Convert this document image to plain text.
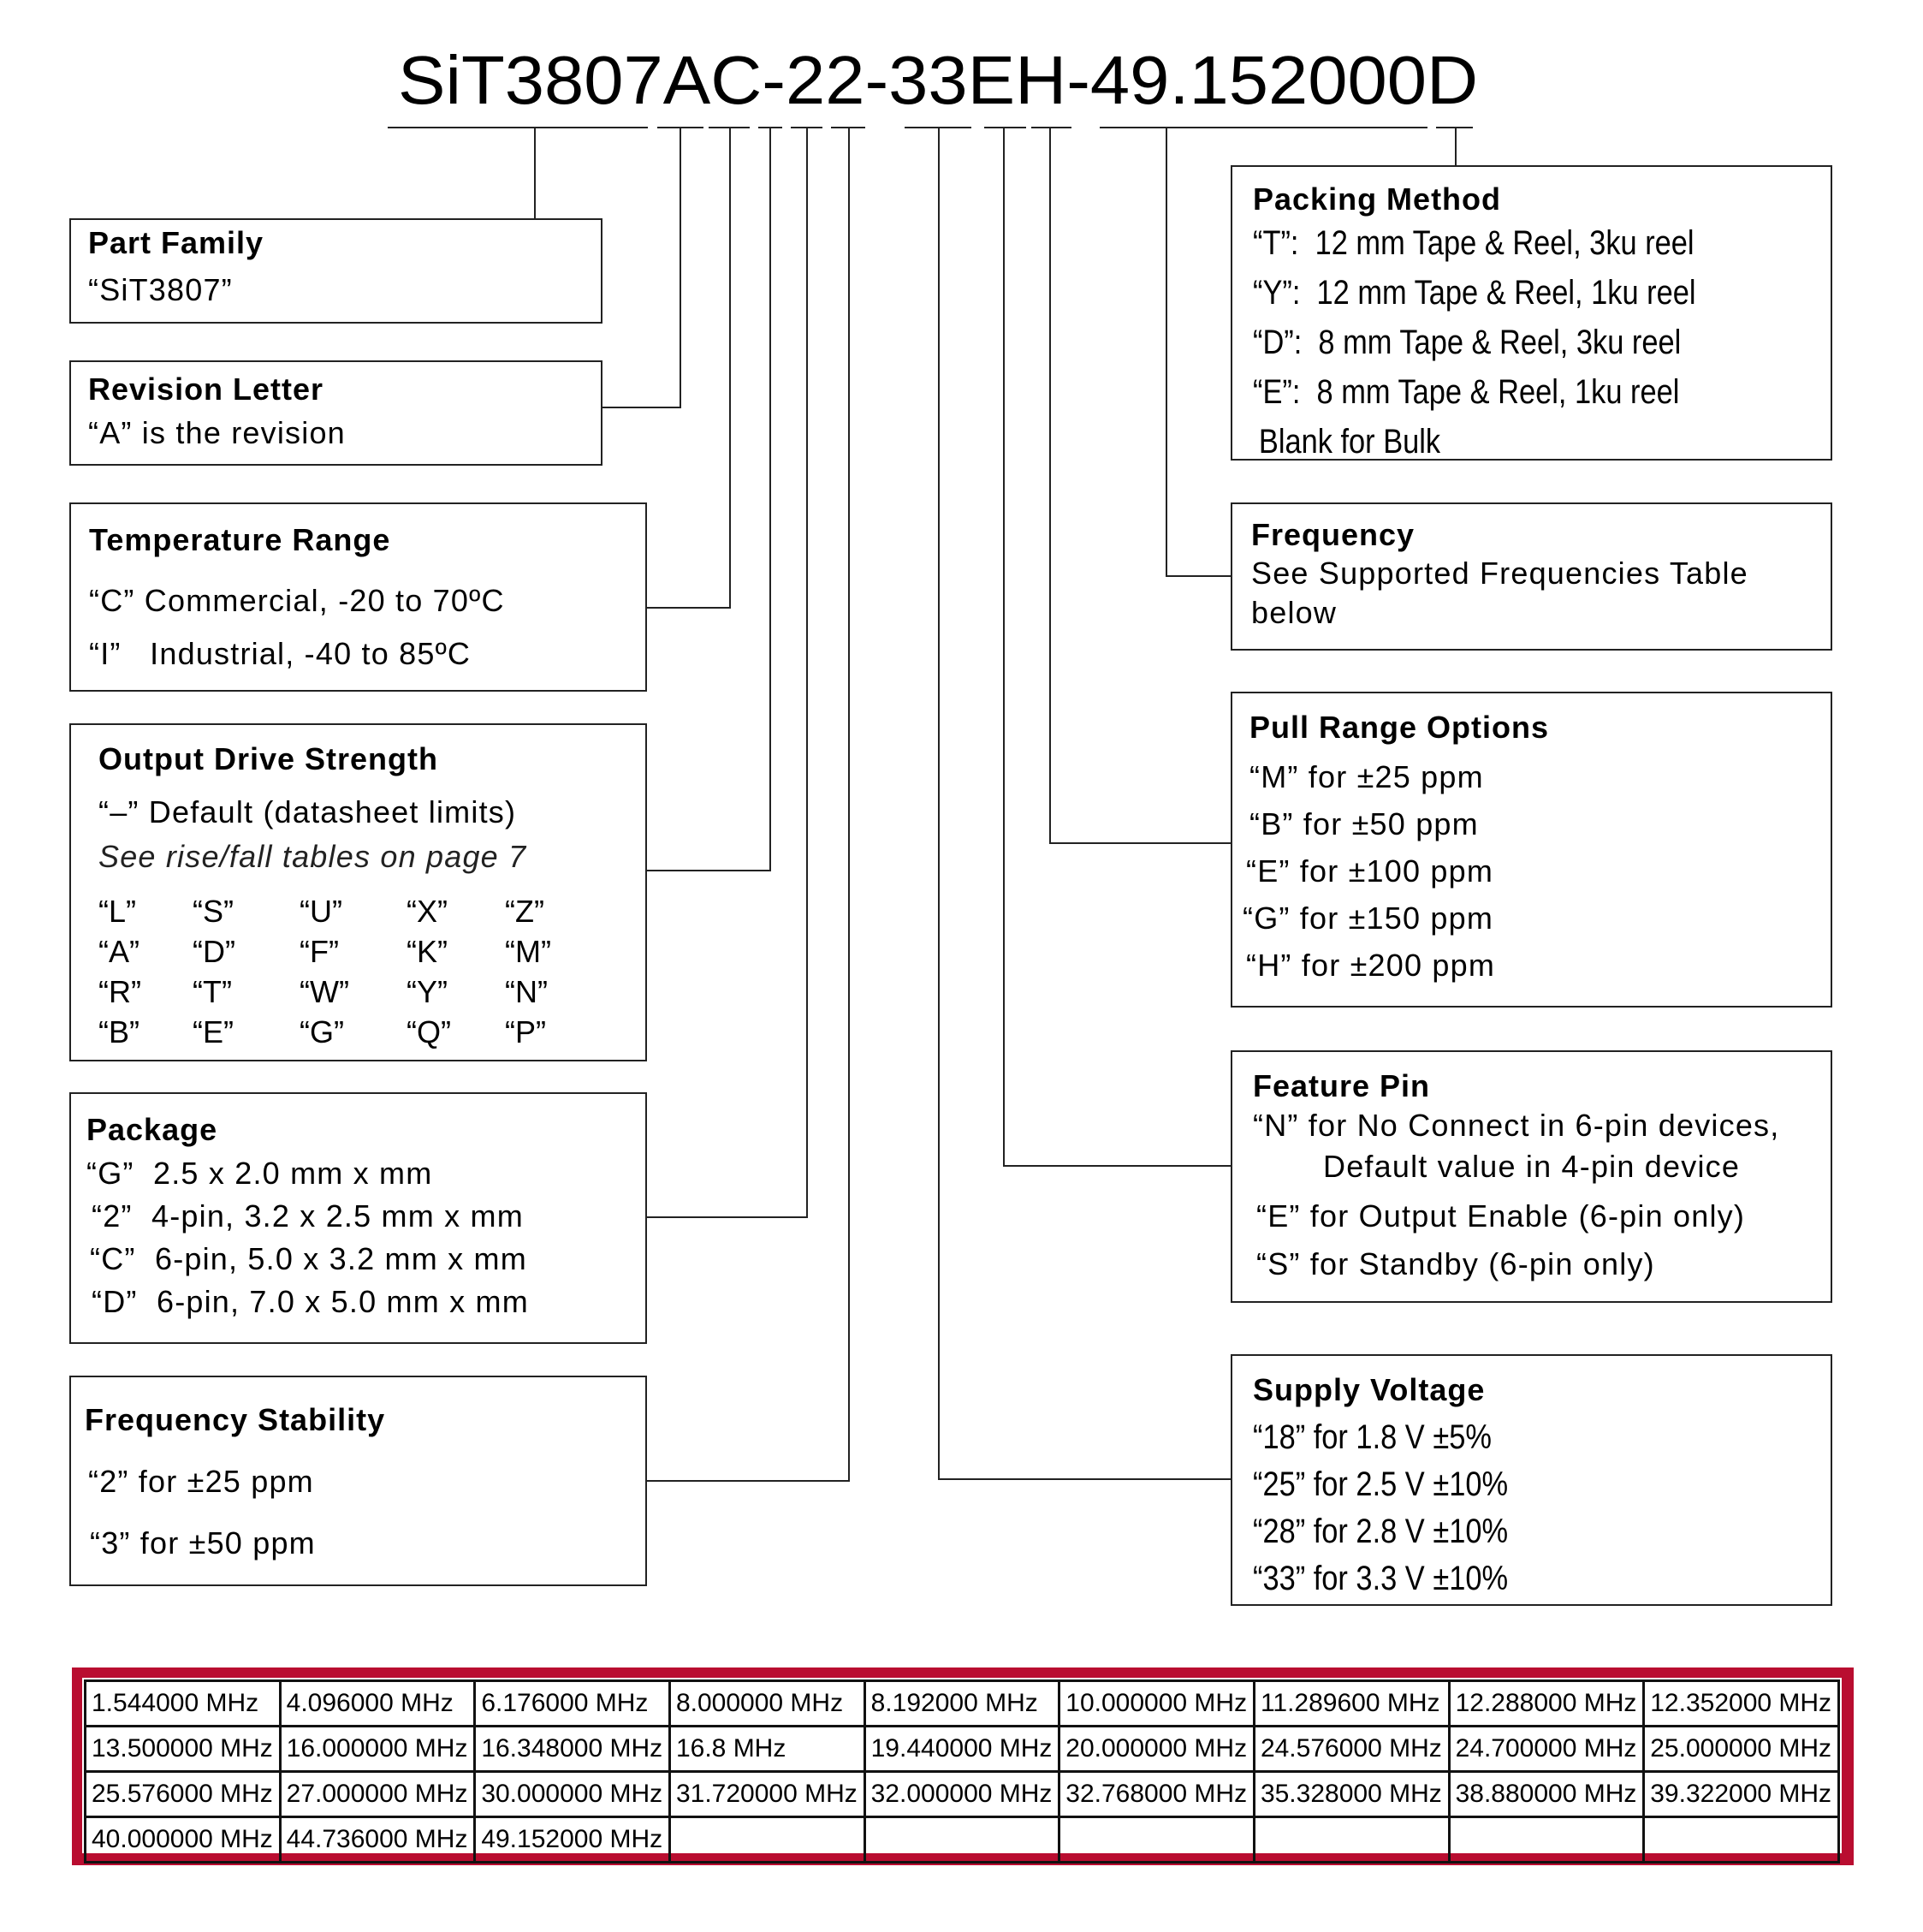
SiT3807AC-22-33EH-49.152000D
Part Family
“SiT3807”
Revision Letter
“A” is the revision
Temperature Range
“C” Commercial, -20 to 70ºC
“I”   Industrial, -40 to 85ºC
Output Drive Strength
“–” Default (datasheet limits)
See rise/fall tables on page 7
“L”	“S”	“U”	“X”	“Z”
“A”	“D”	“F”	“K”	“M”
“R”	“T”	“W”	“Y”	“N”
“B”	“E”	“G”	“Q”	“P”
Package
“G”  2.5 x 2.0 mm x mm
“2”  4-pin, 3.2 x 2.5 mm x mm
“C”  6-pin, 5.0 x 3.2 mm x mm
“D”  6-pin, 7.0 x 5.0 mm x mm
Frequency Stability
“2” for ±25 ppm
“3” for ±50 ppm
Packing Method
“T”:  12 mm Tape & Reel, 3ku reel
“Y”:  12 mm Tape & Reel, 1ku reel
“D”:  8 mm Tape & Reel, 3ku reel
“E”:  8 mm Tape & Reel, 1ku reel
Blank for Bulk
Frequency
See Supported Frequencies Table
below
Pull Range Options
“M” for ±25 ppm
“B” for ±50 ppm
“E” for ±100 ppm
“G” for ±150 ppm
“H” for ±200 ppm
Feature Pin
“N” for No Connect in 6-pin devices,
Default value in 4-pin device
“E” for Output Enable (6-pin only)
“S” for Standby (6-pin only)
Supply Voltage
“18” for 1.8 V ±5%
“25” for 2.5 V ±10%
“28” for 2.8 V ±10%
“33” for 3.3 V ±10%
1.544000 MHz	4.096000 MHz	6.176000 MHz	8.000000 MHz	8.192000 MHz	10.000000 MHz	11.289600 MHz	12.288000 MHz	12.352000 MHz
13.500000 MHz	16.000000 MHz	16.348000 MHz	16.8 MHz	19.440000 MHz	20.000000 MHz	24.576000 MHz	24.700000 MHz	25.000000 MHz
25.576000 MHz	27.000000 MHz	30.000000 MHz	31.720000 MHz	32.000000 MHz	32.768000 MHz	35.328000 MHz	38.880000 MHz	39.322000 MHz
40.000000 MHz	44.736000 MHz	49.152000 MHz						
